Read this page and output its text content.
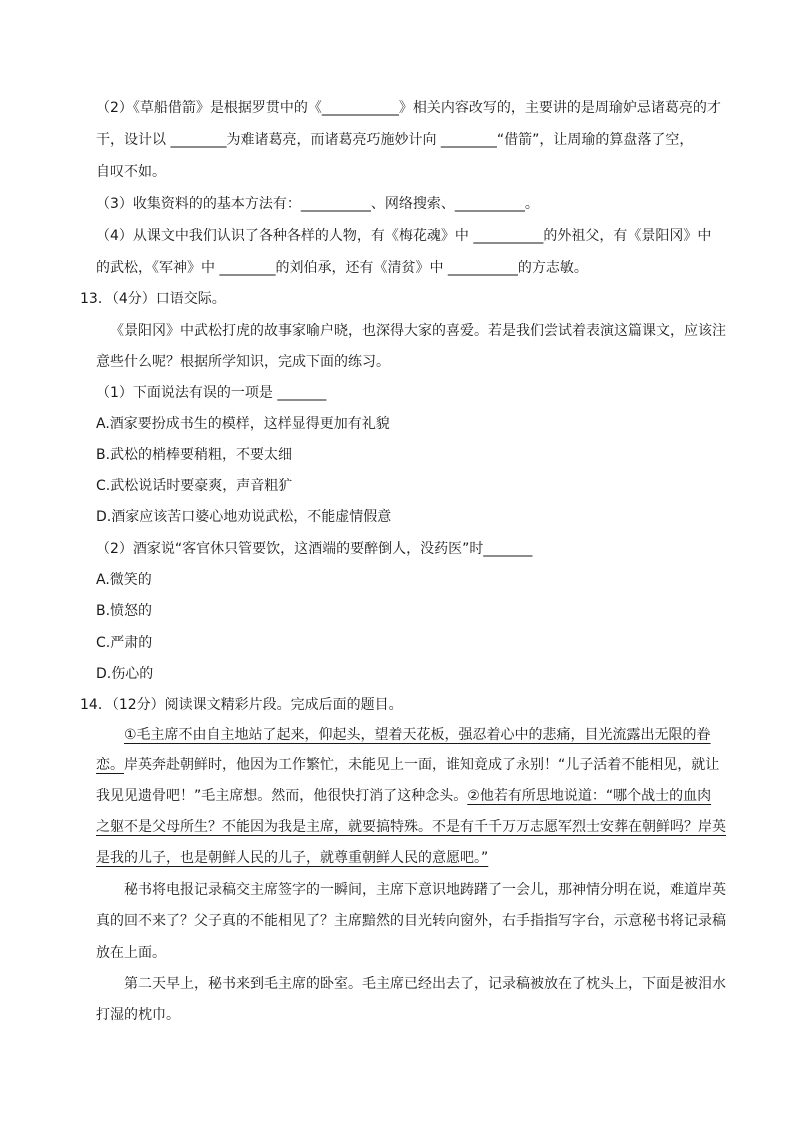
（2）《草船借箭》是根据罗贯中的《___________》相关内容改写的，主要讲的是周瑜妒忌诸葛亮的才
干，设计以 ________为难诸葛亮，而诸葛亮巧施妙计向 ________“借箭”，让周瑜的算盘落了空，
自叹不如。
（3）收集资料的的基本方法有：__________、网络搜索、__________。
（4）从课文中我们认识了各种各样的人物，有《梅花魂》中 __________的外祖父，有《景阳冈》中
的武松，《军神》中 ________的刘伯承，还有《清贫》中 __________的方志敏。
13．（4分）口语交际。
《景阳冈》中武松打虎的故事家喻户晓，也深得大家的喜爱。若是我们尝试着表演这篇课文，应该注
意些什么呢？根据所学知识，完成下面的练习。
（1）下面说法有误的一项是 _______
A.酒家要扮成书生的模样，这样显得更加有礼貌
B.武松的梢棒要稍粗，不要太细
C.武松说话时要豪爽，声音粗犷
D.酒家应该苦口婆心地劝说武松，不能虚情假意
（2）酒家说“客官休只管要饮，这酒端的要醉倒人，没药医”时_______
A.微笑的
B.愤怒的
C.严肃的
D.伤心的
14．（12分）阅读课文精彩片段。完成后面的题目。
①毛主席不由自主地站了起来，仰起头，望着天花板，强忍着心中的悲痛，目光流露出无限的眷
恋。岸英奔赴朝鲜时，他因为工作繁忙，未能见上一面，谁知竟成了永别！“儿子活着不能相见，就让
我见见遗骨吧！”毛主席想。然而，他很快打消了这种念头。②他若有所思地说道：“哪个战士的血肉
之躯不是父母所生？不能因为我是主席，就要搞特殊。不是有千千万万志愿军烈士安葬在朝鲜吗？岸英
是我的儿子，也是朝鲜人民的儿子，就尊重朝鲜人民的意愿吧。”
秘书将电报记录稿交主席签字的一瞬间，主席下意识地踌躇了一会儿，那神情分明在说，难道岸英
真的回不来了？父子真的不能相见了？主席黯然的目光转向窗外，右手指指写字台，示意秘书将记录稿
放在上面。
第二天早上，秘书来到毛主席的卧室。毛主席已经出去了，记录稿被放在了枕头上，下面是被泪水
打湿的枕巾。
